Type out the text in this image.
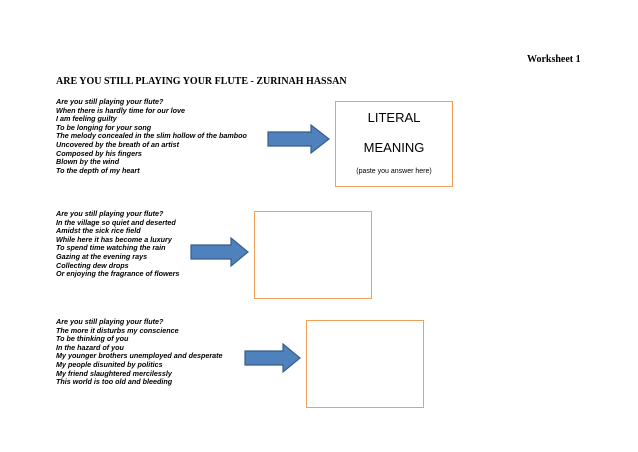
Worksheet 1
ARE YOU STILL PLAYING YOUR FLUTE - ZURINAH HASSAN
Are you still playing your flute?
When there is hardly time for our love
I am feeling guilty
To be longing for your song
The melody concealed in the slim hollow of the bamboo
Uncovered by the breath of an artist
Composed by his fingers
Blown by the wind
To the depth of my heart
Are you still playing your flute?
In the village so quiet and deserted
Amidst the sick rice field
While here it has become a luxury
To spend time watching the rain
Gazing at the evening rays
Collecting dew drops
Or enjoying the fragrance of flowers
Are you still playing your flute?
The more it disturbs my conscience
To be thinking of you
In the hazard of you
My younger brothers unemployed and desperate
My people disunited by politics
My friend slaughtered mercilessly
This world is too old and bleeding
LITERAL
MEANING
(paste you answer here)
